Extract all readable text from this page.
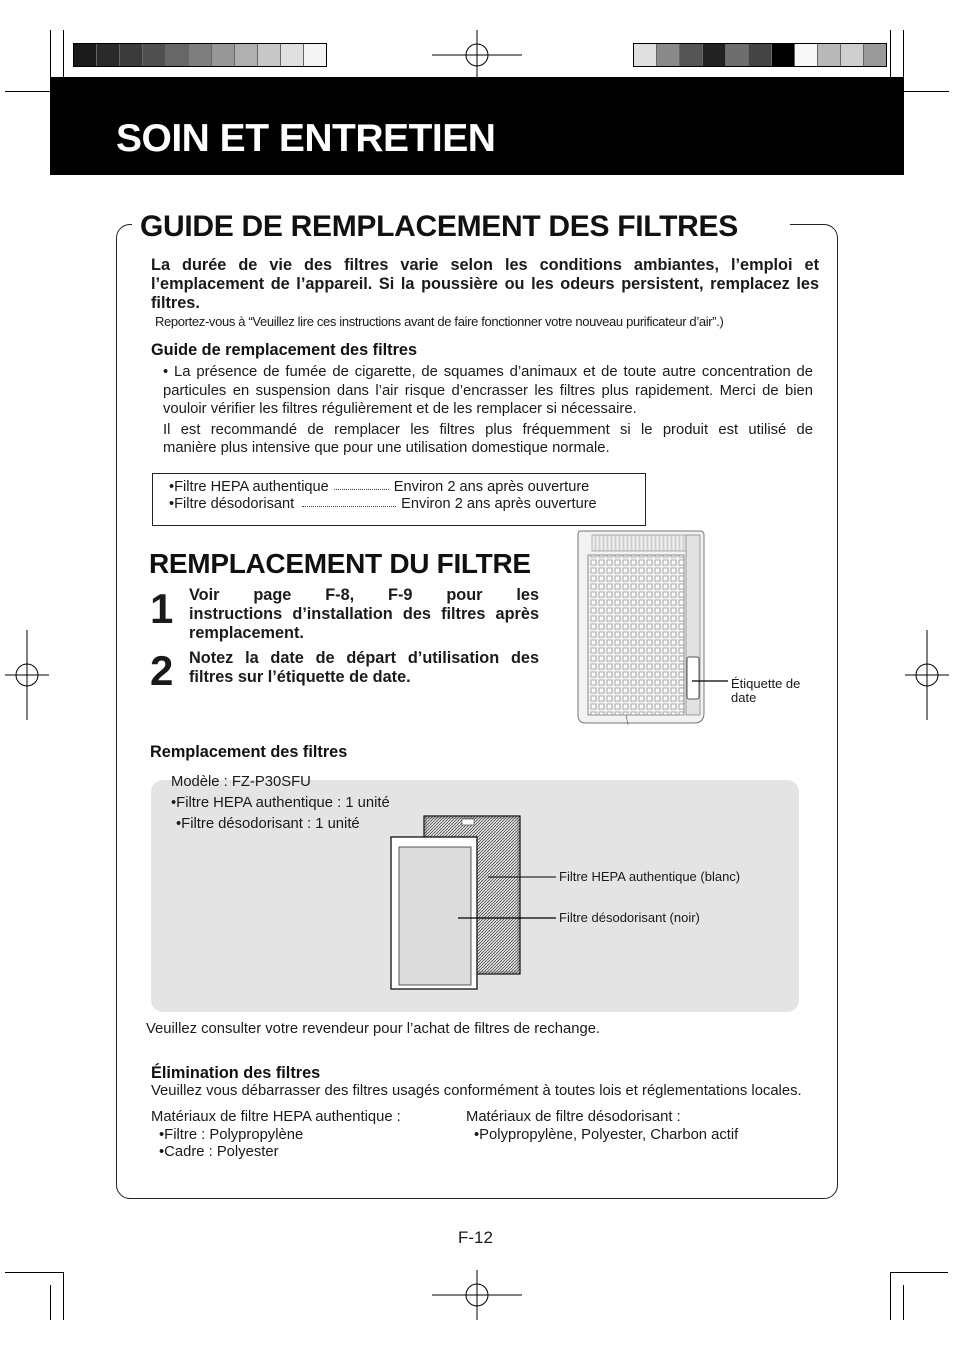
SOIN ET ENTRETIEN
GUIDE DE REMPLACEMENT DES FILTRES
La durée de vie des filtres varie selon les conditions ambiantes, l’emploi et l’emplacement de l’appareil. Si la poussière ou les odeurs persistent, remplacez les filtres.
Reportez-vous à “Veuillez lire ces instructions avant de faire fonctionner votre nouveau purificateur d’air”.)
Guide de remplacement des filtres
• La présence de fumée de cigarette, de squames d’animaux et de toute autre concentration de particules en suspension dans l’air risque d’encrasser les filtres plus rapidement. Merci de bien vouloir vérifier les filtres régulièrement et de les remplacer si nécessaire.
Il est recommandé de remplacer les filtres plus fréquemment si le produit est utilisé de
manière plus intensive que pour une utilisation domestique normale.
•Filtre HEPA authentique	Environ 2 ans après ouverture
•Filtre désodorisant	Environ 2 ans après ouverture
REMPLACEMENT DU FILTRE
1 Voir page F-8, F-9 pour les
instructions d’installation des filtres après remplacement.
2 Notez la date de départ d’utilisation des filtres sur l’étiquette de date.	Étiquette de date
Remplacement des filtres
Modèle : FZ-P30SFU
•Filtre HEPA authentique : 1 unité
•Filtre désodorisant : 1 unité
Filtre HEPA authentique (blanc)
Filtre désodorisant (noir)
Veuillez consulter votre revendeur pour l’achat de filtres de rechange.
Élimination des filtres
Veuillez vous débarrasser des filtres usagés conformément à toutes lois et réglementations locales.
Matériaux de filtre HEPA authentique :
•Filtre : Polypropylène
•Cadre : Polyester
Matériaux de filtre désodorisant :
•Polypropylène, Polyester, Charbon actif
F-12
